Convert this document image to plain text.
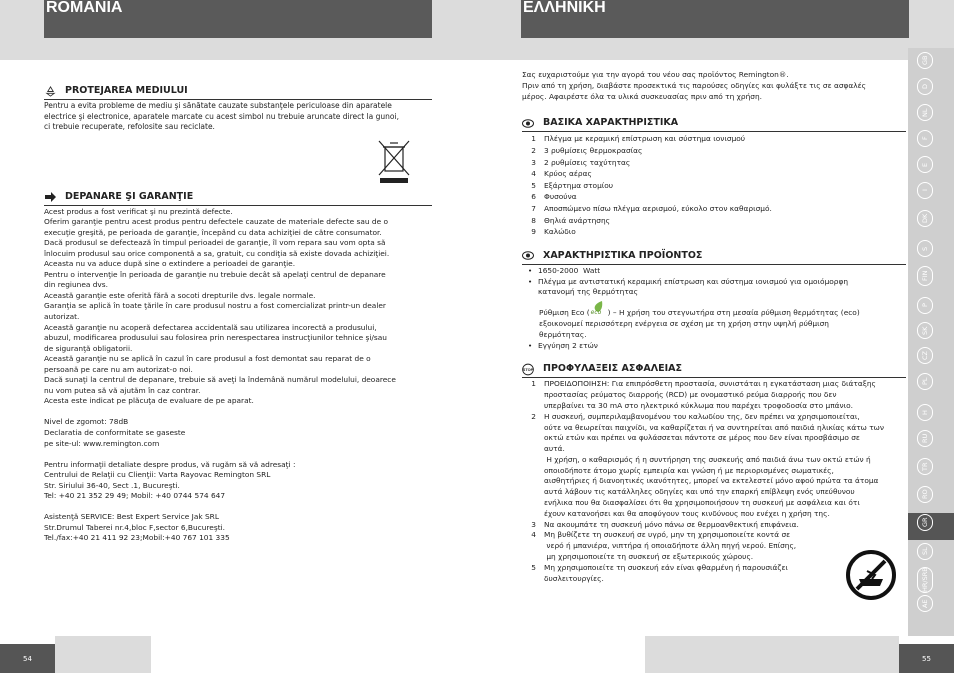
ROMANIA
PROTEJAREA MEDIULUI

Pentru a evita probleme de mediu şi sănătate cauzate substanţele periculoase din aparatele
electrice şi electronice, aparatele marcate cu acest simbol nu trebuie aruncate direct la gunoi,
ci trebuie recuperate, refolosite sau reciclate.

DEPANARE ŞI GARANŢIE

Acest produs a fost verificat şi nu prezintă defecte.
Oferim garanţie pentru acest produs pentru defectele cauzate de materiale defecte sau de o
execuţie greşită, pe perioada de garanţie, începând cu data achiziţiei de către consumator.
Dacă produsul se defectează în timpul perioadei de garanţie, îl vom repara sau vom opta să
înlocuim produsul sau orice componentă a sa, gratuit, cu condiţia să existe dovada achiziţiei.
Aceasta nu va aduce după sine o extindere a perioadei de garanţie.
Pentru o intervenţie în perioada de garanţie nu trebuie decât să apelaţi centrul de depanare
din regiunea dvs.
Această garanţie este oferită fără a socoti drepturile dvs. legale normale.
Garanţia se aplică în toate ţările în care produsul nostru a fost comercializat printr-un dealer
autorizat.
Această garanţie nu acoperă defectarea accidentală sau utilizarea incorectă a produsului,
abuzul, modificarea produsului sau folosirea prin nerespectarea instrucţiunilor tehnice şi/sau
de siguranţă obligatorii.
Această garanţie nu se aplică în cazul în care produsul a fost demontat sau reparat de o
persoană pe care nu am autorizat-o noi.
Dacă sunaţi la centrul de depanare, trebuie să aveţi la îndemână numărul modelului, deoarece
nu vom putea să vă ajutăm în caz contrar.
Acesta este indicat pe plăcuţa de evaluare de pe aparat.

Nivel de zgomot: 78dB
Declaratia de conformitate se gaseste
pe site-ul: www.remington.com

Pentru informaţii detaliate despre produs, vă rugăm să vă adresaţi :
Centrului de Relaţii cu Clienţii: Varta Rayovac Remington SRL
Str. Siriului 36-40, Sect .1, Bucureşti.
Tel: +40 21 352 29 49; Mobil: +40 0744 574 647

Asistenţă SERVICE: Best Expert Service Jak SRL
Str.Drumul Taberei nr.4,bloc F,sector 6,Bucureşti.
Tel./fax:+40 21 411 92 23;Mobil:+40 767 101 335

54
ΕΛΛΗΝΙΚΗ

Σας ευχαριστούμε για την αγορά του νέου σας προϊόντος Remington®.
Πριν από τη χρήση, διαβάστε προσεκτικά τις παρούσες οδηγίες και φυλάξτε τις σε ασφαλές
μέρος. Αφαιρέστε όλα τα υλικά συσκευασίας πριν από τη χρήση.

ΒΑΣΙΚΑ ΧΑΡΑΚΤΗΡΙΣΤΙΚΑ
1	Πλέγμα με κεραμική επίστρωση και σύστημα ιονισμού
2	3 ρυθμίσεις θερμοκρασίας
3	2 ρυθμίσεις ταχύτητας
4	Κρύος αέρας
5	Εξάρτημα στομίου
6	Φυσούνα
7	Αποσπώμενο πίσω πλέγμα αερισμού, εύκολο στον καθαρισμό.
8	Θηλιά ανάρτησης
9	Καλώδιο
ΧΑΡΑΚΤΗΡΙΣΤΙΚΑ ΠΡΟΪΟΝΤΟΣ
• 1650-2000  Watt
• Πλέγμα με αντιστατική κεραμική επίστρωση και σύστημα ιονισμού για ομοιόμορφη
κατανομή της θερμότητας
Ρύθμιση Eco ( eco ) – Η χρήση του στεγνωτήρα στη μεσαία ρύθμιση θερμότητας (eco)
εξοικονομεί περισσότερη ενέργεια σε σχέση με τη χρήση στην υψηλή ρύθμιση
θερμότητας.
• Εγγύηση 2 ετών
STOP ΠΡΟΦΥΛΑΞΕΙΣ ΑΣΦΑΛΕΙΑΣ
1	ΠΡΟΕΙΔΟΠΟΙΗΣΗ: Για επιπρόσθετη προστασία, συνιστάται η εγκατάσταση μιας διάταξης
προστασίας ρεύματος διαρροής (RCD) με ονομαστικό ρεύμα διαρροής που δεν
υπερβαίνει τα 30 mA στο ηλεκτρικό κύκλωμα που παρέχει τροφοδοσία στο μπάνιο.
2	Η συσκευή, συμπεριλαμβανομένου του καλωδίου της, δεν πρέπει να χρησιμοποιείται,
ούτε να θεωρείται παιχνίδι, να καθαρίζεται ή να συντηρείται από παιδιά ηλικίας κάτω των
οκτώ ετών και πρέπει να φυλάσσεται πάντοτε σε μέρος που δεν είναι προσβάσιμο σε
αυτά.
Η χρήση, ο καθαρισμός ή η συντήρηση της συσκευής από παιδιά άνω των οκτώ ετών ή
οποιοδήποτε άτομο χωρίς εμπειρία και γνώση ή με περιορισμένες σωματικές,
αισθητήριες ή διανοητικές ικανότητες, μπορεί να εκτελεστεί μόνο αφού πρώτα τα άτομα
αυτά λάβουν τις κατάλληλες οδηγίες και υπό την επαρκή επίβλεψη ενός υπεύθυνου
ενήλικα που θα διασφαλίσει ότι θα χρησιμοποιήσουν τη συσκευή με ασφάλεια και ότι
έχουν κατανοήσει και θα αποφύγουν τους κινδύνους που ενέχει η χρήση της.
3	Να ακουμπάτε τη συσκευή μόνο πάνω σε θερμοανθεκτική επιφάνεια.
4	Μη βυθίζετε τη συσκευή σε υγρό, μην τη χρησιμοποιείτε κοντά σε
νερό ή μπανιέρα, νιπτήρα ή οποιαδήποτε άλλη πηγή νερού. Επίσης,
μη χρησιμοποιείτε τη συσκευή σε εξωτερικούς χώρους.
5	Μη χρησιμοποιείτε τη συσκευή εάν είναι φθαρμένη ή παρουσιάζει
δυσλειτουργίες.
55
GB
D
NL
F
E
I
DK
S
FIN
P
SK
CZ
PL
H
RU
TR
RO
GR
SL
HR/SRB
AE
